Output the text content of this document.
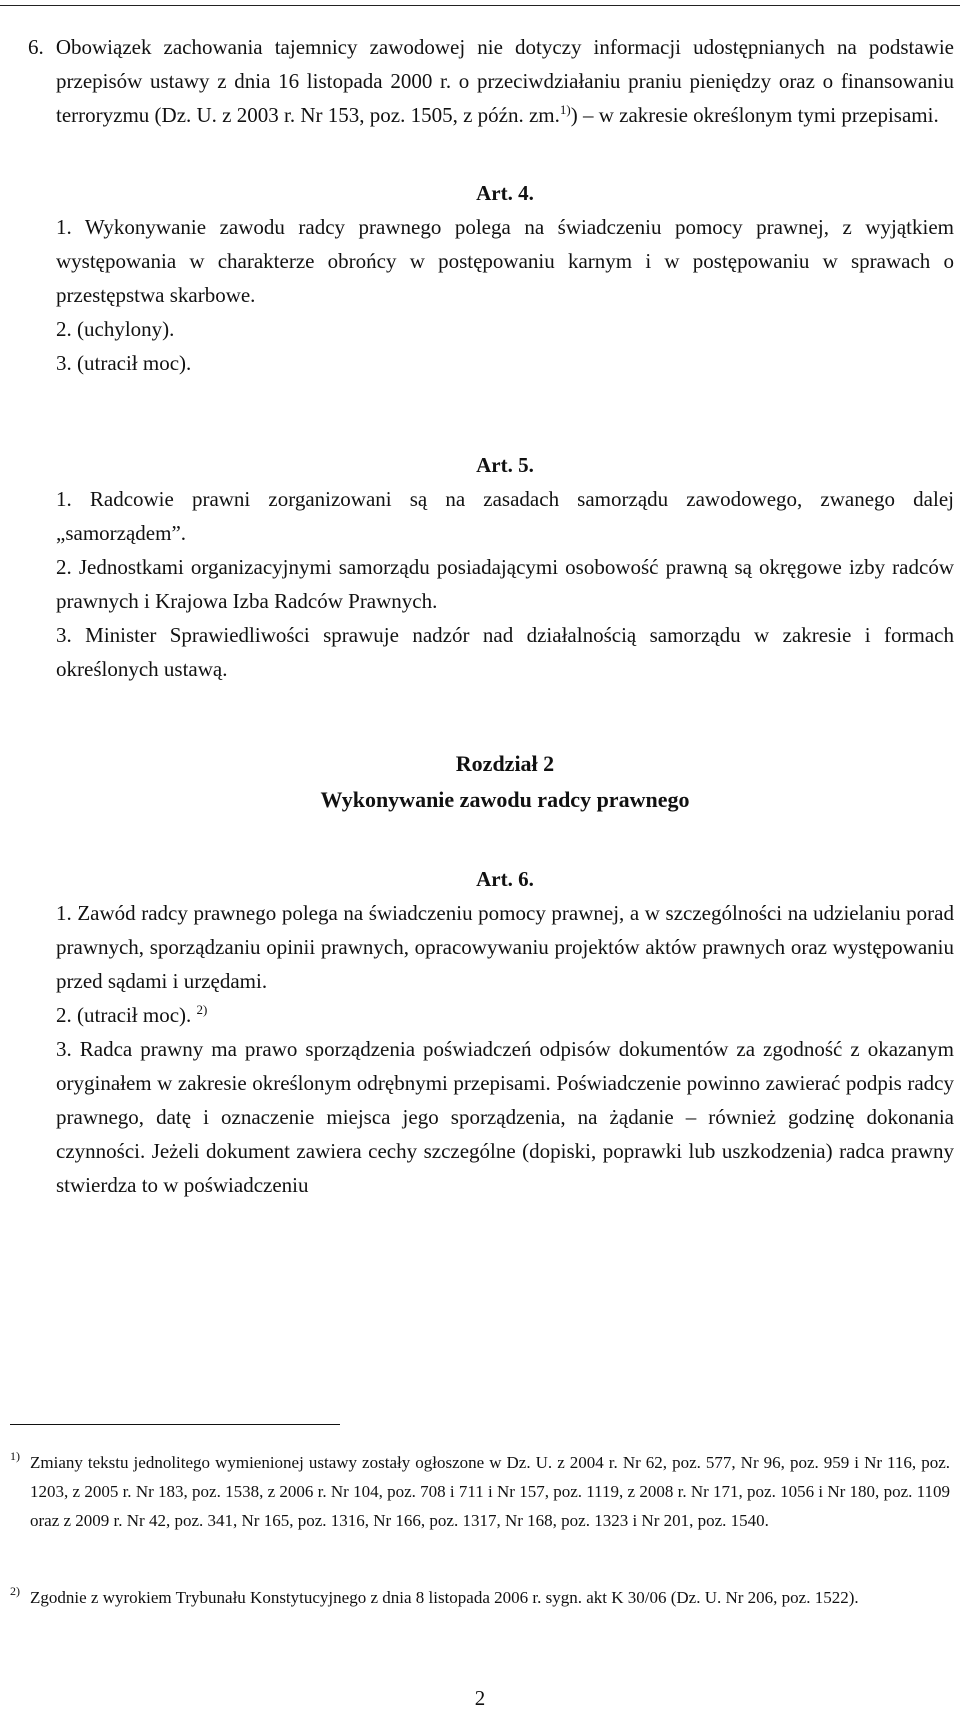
6. Obowiązek zachowania tajemnicy zawodowej nie dotyczy informacji udostępnianych na podstawie przepisów ustawy z dnia 16 listopada 2000 r. o przeciwdziałaniu praniu pieniędzy oraz o finansowaniu terroryzmu (Dz. U. z 2003 r. Nr 153, poz. 1505, z późn. zm.$^{1)}$) – w zakresie określonym tymi przepisami.

Art. 4.

1. Wykonywanie zawodu radcy prawnego polega na świadczeniu pomocy prawnej, z wyjątkiem występowania w charakterze obrońcy w postępowaniu karnym i w postępowaniu w sprawach o przestępstwa skarbowe.

2. (uchylony).

3. (utracił moc).

Art. 5.

1. Radcowie prawni zorganizowani są na zasadach samorządu zawodowego, zwanego dalej „samorządem”.

2. Jednostkami organizacyjnymi samorządu posiadającymi osobowość prawną są okręgowe izby radców prawnych i Krajowa Izba Radców Prawnych.

3. Minister Sprawiedliwości sprawuje nadzór nad działalnością samorządu w zakresie i formach określonych ustawą.

Rozdział 2

Wykonywanie zawodu radcy prawnego

Art. 6.

1. Zawód radcy prawnego polega na świadczeniu pomocy prawnej, a w szczególności na udzielaniu porad prawnych, sporządzaniu opinii prawnych, opracowywaniu projektów aktów prawnych oraz występowaniu przed sądami i urzędami.

2. (utracił moc). $^{2)}$

3. Radca prawny ma prawo sporządzenia poświadczeń odpisów dokumentów za zgodność z okazanym oryginałem w zakresie określonym odrębnymi przepisami. Poświadczenie powinno zawierać podpis radcy prawnego, datę i oznaczenie miejsca jego sporządzenia, na żądanie – również godzinę dokonania czynności. Jeżeli dokument zawiera cechy szczególne (dopiski, poprawki lub uszkodzenia) radca prawny stwierdza to w poświadczeniu

1) Zmiany tekstu jednolitego wymienionej ustawy zostały ogłoszone w Dz. U. z 2004 r. Nr 62, poz. 577, Nr 96, poz. 959 i Nr 116, poz. 1203, z 2005 r. Nr 183, poz. 1538, z 2006 r. Nr 104, poz. 708 i 711 i Nr 157, poz. 1119, z 2008 r. Nr 171, poz. 1056 i Nr 180, poz. 1109 oraz z 2009 r. Nr 42, poz. 341, Nr 165, poz. 1316, Nr 166, poz. 1317, Nr 168, poz. 1323 i Nr 201, poz. 1540.
2) Zgodnie z wyrokiem Trybunału Konstytucyjnego z dnia 8 listopada 2006 r. sygn. akt K 30/06 (Dz. U. Nr 206, poz. 1522).
2
